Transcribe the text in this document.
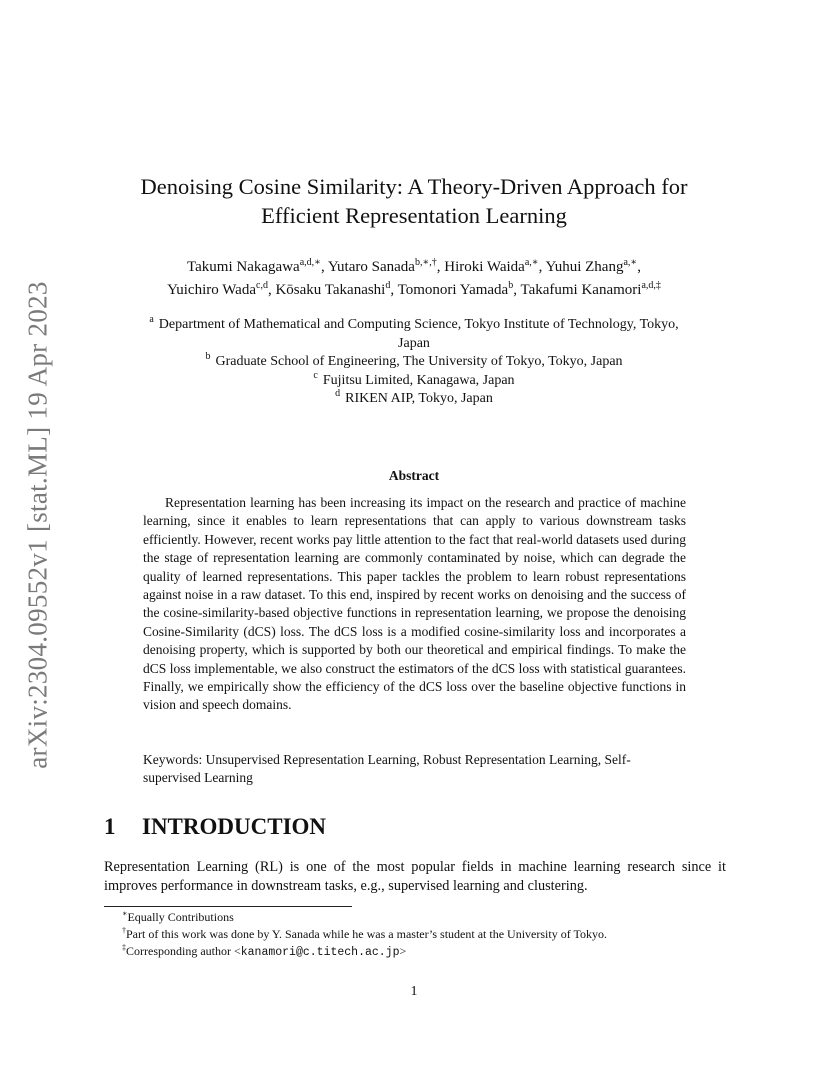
arXiv:2304.09552v1 [stat.ML] 19 Apr 2023
Denoising Cosine Similarity: A Theory-Driven Approach for
Efficient Representation Learning
Takumi Nakagawa$^{a,d,∗}$, Yutaro Sanada$^{b,∗,\dagger}$, Hiroki Waida$^{a,∗}$, Yuhui Zhang$^{a,∗}$,
Yuichiro Wada$^{c,d}$, Kōsaku Takanashi$^d$, Tomonori Yamada$^b$, Takafumi Kanamori$^{a,d,\ddagger}$
$^a$ Department of Mathematical and Computing Science, Tokyo Institute of Technology, Tokyo,
Japan
$^b$ Graduate School of Engineering, The University of Tokyo, Tokyo, Japan
$^c$ Fujitsu Limited, Kanagawa, Japan
$^d$ RIKEN AIP, Tokyo, Japan
Abstract

Representation learning has been increasing its impact on the research and practice of machine learning, since it enables to learn representations that can apply to various downstream tasks efficiently. However, recent works pay little attention to the fact that real-world datasets used during the stage of representation learning are commonly contaminated by noise, which can degrade the quality of learned representations. This paper tackles the problem to learn robust representations against noise in a raw dataset. To this end, inspired by recent works on denoising and the success of the cosine-similarity-based objective functions in representation learning, we propose the denoising Cosine-Similarity (dCS) loss. The dCS loss is a modified cosine-similarity loss and incorporates a denoising property, which is supported by both our theoretical and empirical findings. To make the dCS loss implementable, we also construct the estimators of the dCS loss with statistical guarantees. Finally, we empirically show the efficiency of the dCS loss over the baseline objective functions in vision and speech domains.

Keywords: Unsupervised Representation Learning, Robust Representation Learning, Self-supervised Learning
1 INTRODUCTION

Representation Learning (RL) is one of the most popular fields in machine learning research since it improves performance in downstream tasks, e.g., supervised learning and clustering.

∗Equally Contributions
†Part of this work was done by Y. Sanada while he was a master’s student at the University of Tokyo.
‡Corresponding author <kanamori@c.titech.ac.jp>
1
